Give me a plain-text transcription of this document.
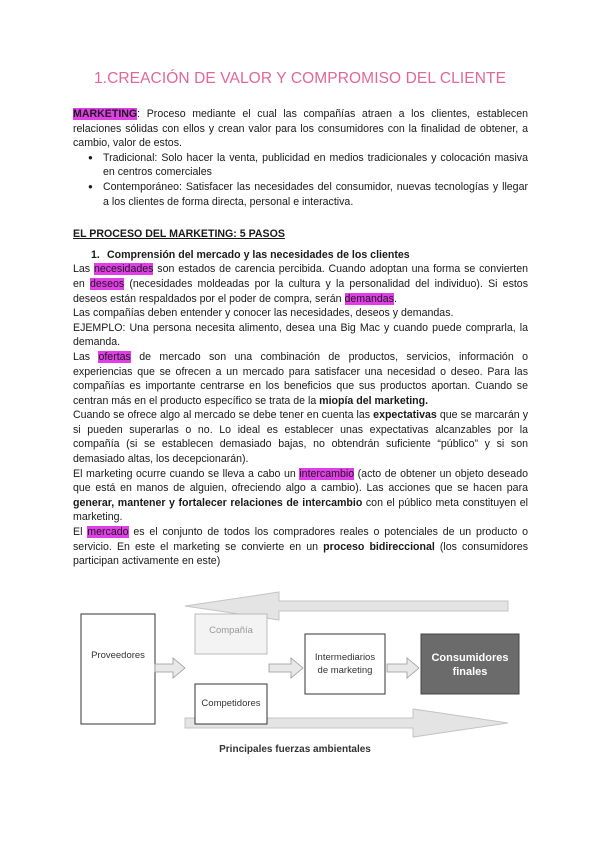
1.CREACIÓN DE VALOR Y COMPROMISO DEL CLIENTE

MARKETING: Proceso mediante el cual las compañías atraen a los clientes, establecen relaciones sólidas con ellos y crean valor para los consumidores con la finalidad de obtener, a cambio, valor de estos.

● Tradicional: Solo hacer la venta, publicidad en medios tradicionales y colocación masiva en centros comerciales
● Contemporáneo: Satisfacer las necesidades del consumidor, nuevas tecnologías y llegar a los clientes de forma directa, personal e interactiva.
EL PROCESO DEL MARKETING: 5 PASOS
1. Comprensión del mercado y las necesidades de los clientes

Las necesidades son estados de carencia percibida. Cuando adoptan una forma se convierten en deseos (necesidades moldeadas por la cultura y la personalidad del individuo). Si estos deseos están respaldados por el poder de compra, serán demandas.

Las compañías deben entender y conocer las necesidades, deseos y demandas.

EJEMPLO: Una persona necesita alimento, desea una Big Mac y cuando puede comprarla, la demanda.

Las ofertas de mercado son una combinación de productos, servicios, información o experiencias que se ofrecen a un mercado para satisfacer una necesidad o deseo. Para las compañías es importante centrarse en los beneficios que sus productos aportan. Cuando se centran más en el producto específico se trata de la miopía del marketing.

Cuando se ofrece algo al mercado se debe tener en cuenta las expectativas que se marcarán y si pueden superarlas o no. Lo ideal es establecer unas expectativas alcanzables por la compañía (si se establecen demasiado bajas, no obtendrán suficiente “público” y si son demasiado altas, los decepcionarán).

El marketing ocurre cuando se lleva a cabo un intercambio (acto de obtener un objeto deseado que está en manos de alguien, ofreciendo algo a cambio). Las acciones que se hacen para generar, mantener y fortalecer relaciones de intercambio con el público meta constituyen el marketing.

El mercado es el conjunto de todos los compradores reales o potenciales de un producto o servicio. En este el marketing se convierte en un proceso bidireccional (los consumidores participan activamente en este)

Proveedores
Compañía
Competidores
Intermediarios
de marketing
Consumidores
finales
Principales fuerzas ambientales
